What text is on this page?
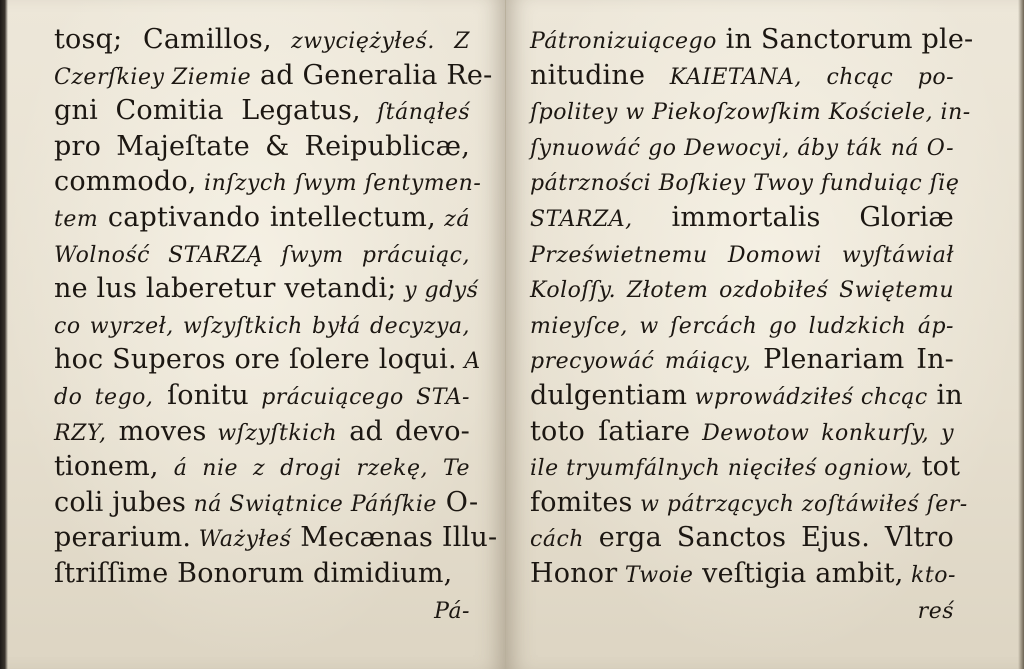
tosq; Camillos, zwyciężyłeś. Z
Czerſkiey Ziemie ad Generalia Re-
gni Comitia Legatus, ſtánąłeś
pro Majeſtate & Reipublicæ,
commodo, inſzych ſwym ſentymen-
tem captivando intellectum, zá
Wolność STARZĄ ſwym prácuiąc,
ne lus laberetur vetandi; y gdyś
co wyrzeł, wſzyſtkich byłá decyzya,
hoc Superos ore ſolere loqui. A
do tego, ſonitu prácuiącego STA-
RZY, moves wſzyſtkich ad devo-
tionem, á nie z drogi rzekę, Te
coli jubes ná Swiątnice Páńſkie O-
perarium. Ważyłeś Mecænas Illu-
ſtriſſime Bonorum dimidium,
Pá-
Pátronizuiącego in Sanctorum ple-
nitudine KAIETANA, chcąc po-
ſpolitey w Piekoſzowſkim Kościele, in-
ſynuowáć go Dewocyi, áby ták ná O-
pátrzności Boſkiey Twoy funduiąc ſię
STARZA, immortalis Gloriæ
Prześwietnemu Domowi wyſtáwiał
Koloſſy. Złotem ozdobiłeś Swiętemu
mieyſce, w ſercách go ludzkich áp-
precyowáć máiący, Plenariam In-
dulgentiam wprowádziłeś chcąc in
toto ſatiare Dewotow konkurſy, y
ile tryumfálnych nięciłeś ogniow, tot
fomites w pátrzących zoſtáwiłeś ſer-
cách erga Sanctos Ejus. Vltro
Honor Twoie veſtigia ambit, kto-
reś
